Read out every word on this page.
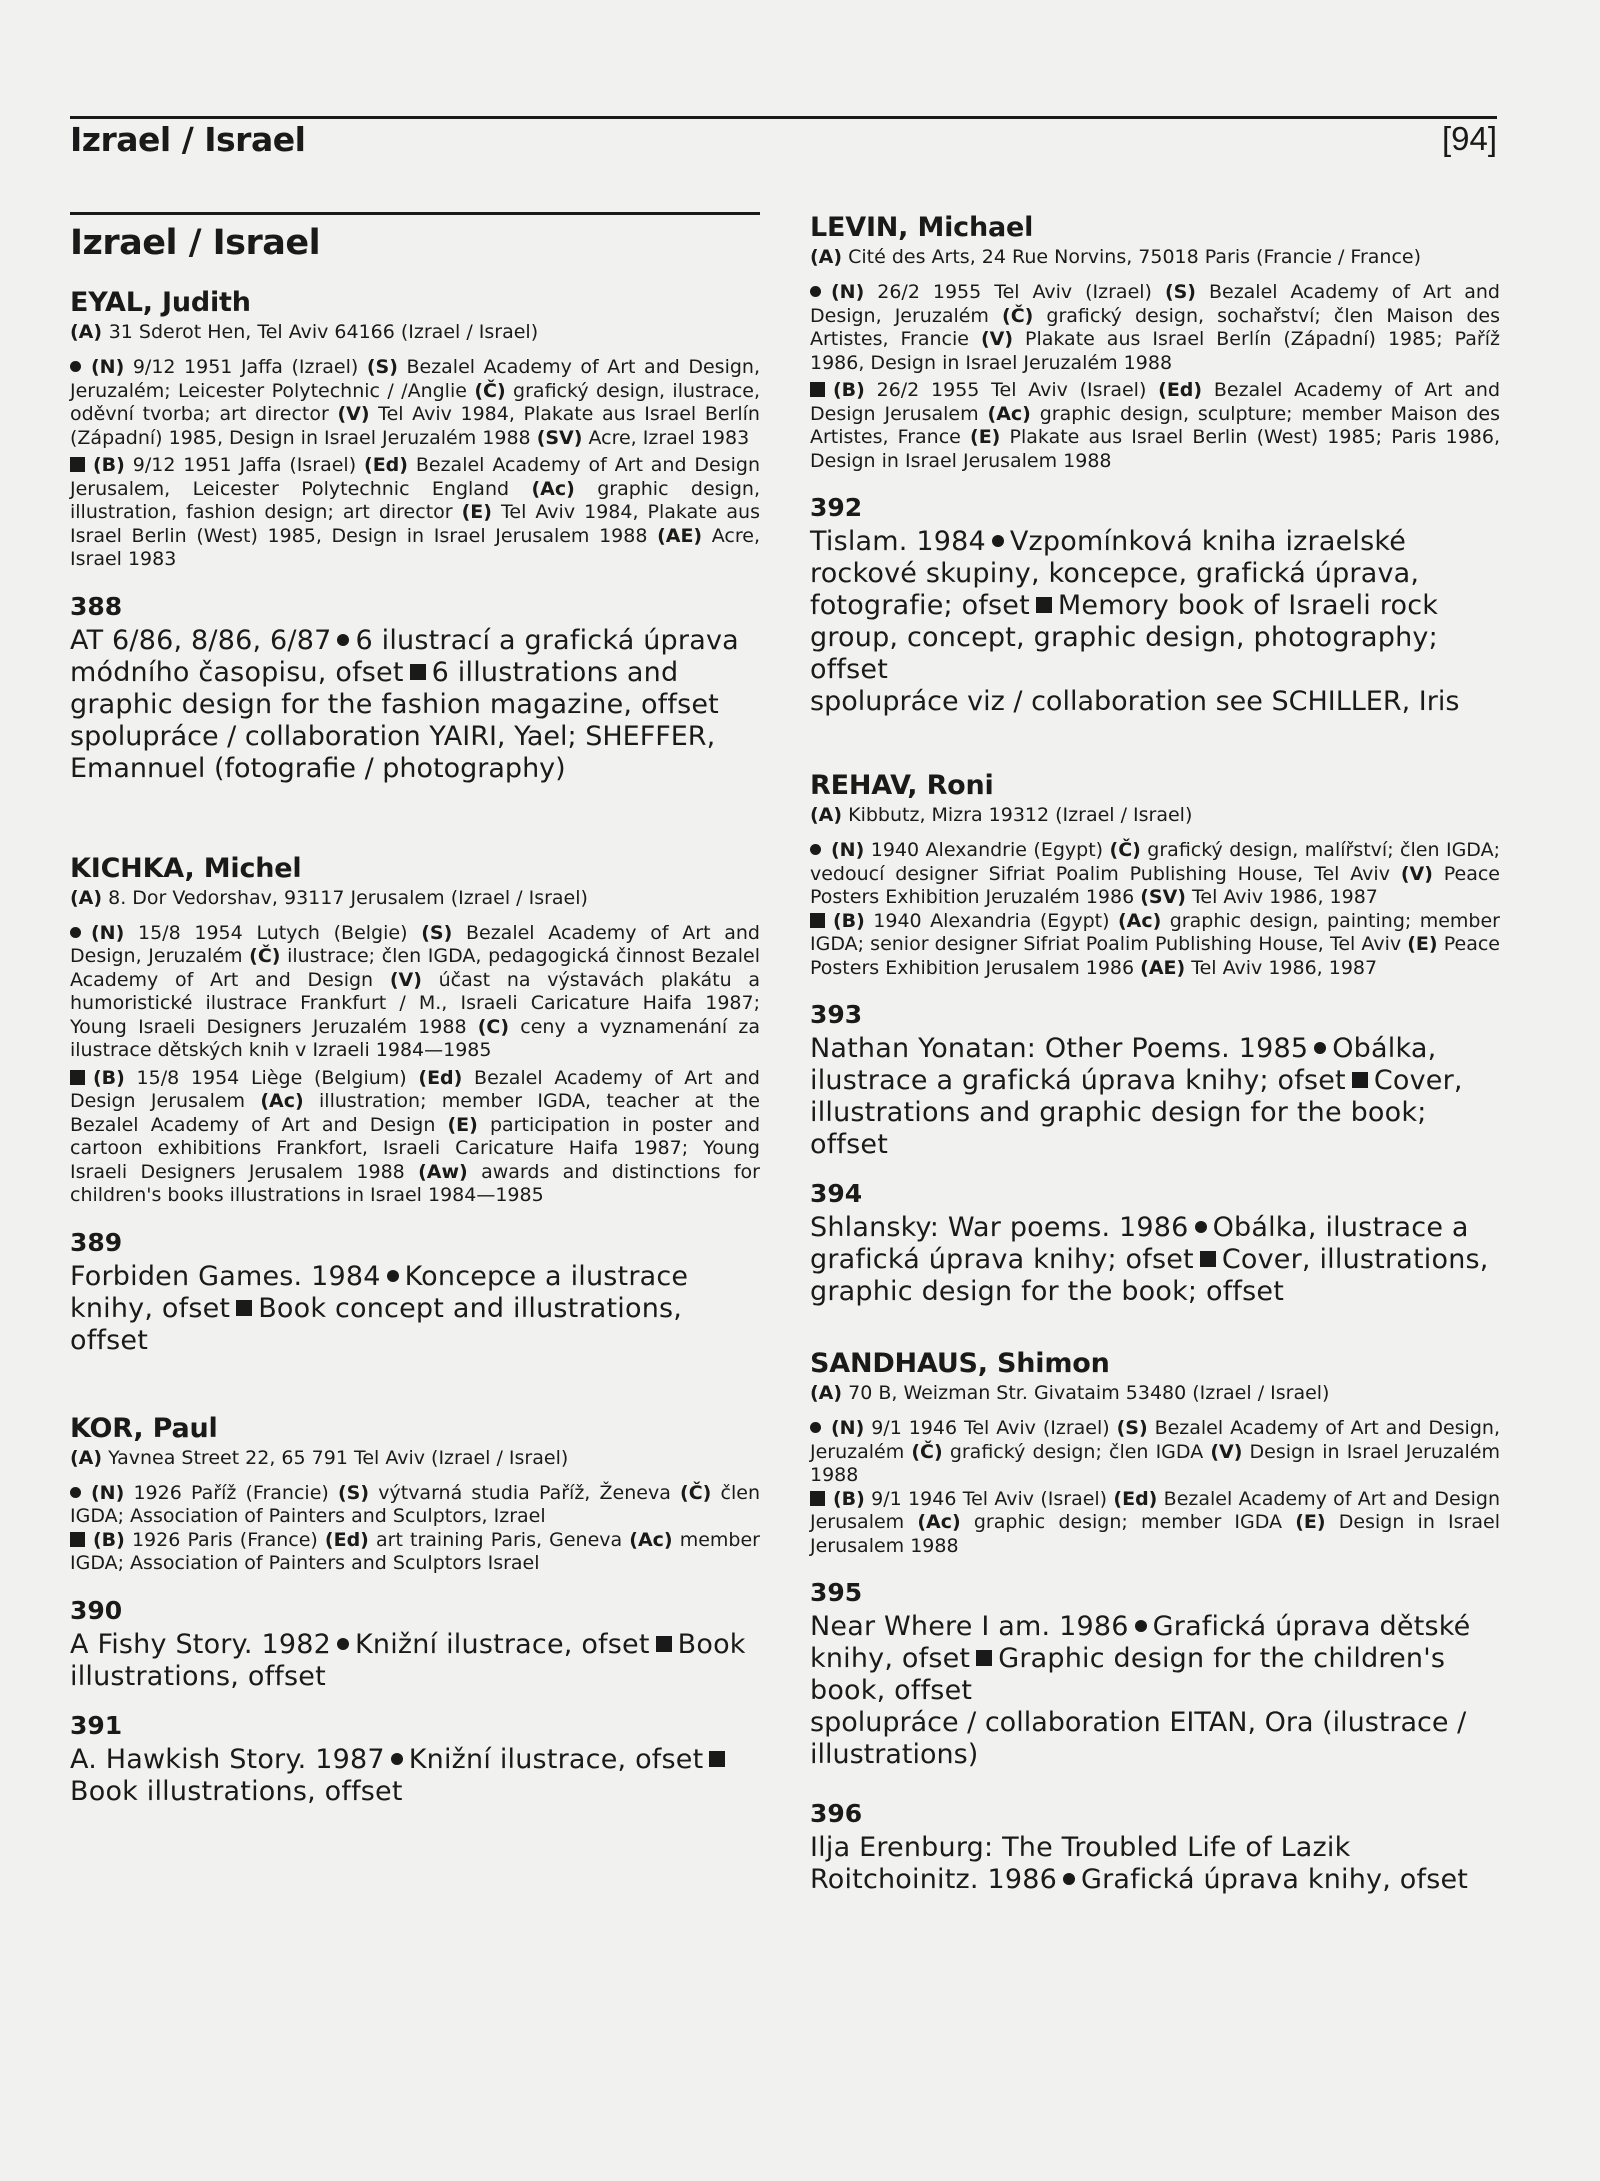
Izrael / Israel	[94]
Izrael / Israel
EYAL, Judith
(A) 31 Sderot Hen, Tel Aviv 64166 (Izrael / Israel)
(N) 9/12 1951 Jaffa (Izrael) (S) Bezalel Academy of Art and Design, Jeruzalém; Leicester Polytechnic / /Anglie (Č) grafický design, ilustrace, oděvní tvorba; art director (V) Tel Aviv 1984, Plakate aus Israel Berlín (Západní) 1985, Design in Israel Jeruzalém 1988 (SV) Acre, Izrael 1983
(B) 9/12 1951 Jaffa (Israel) (Ed) Bezalel Academy of Art and Design Jerusalem, Leicester Polytechnic England (Ac) graphic design, illustration, fashion design; art director (E) Tel Aviv 1984, Plakate aus Israel Berlin (West) 1985, Design in Israel Jerusalem 1988 (AE) Acre, Israel 1983
388

AT 6/86, 8/86, 6/87 6 ilustrací a grafická úprava módního časopisu, ofset 6 illustrations and graphic design for the fashion magazine, offset

spolupráce / collaboration YAIRI, Yael; SHEFFER, Emannuel (fotografie / photography)

KICHKA, Michel
(A) 8. Dor Vedorshav, 93117 Jerusalem (Izrael / Israel)
(N) 15/8 1954 Lutych (Belgie) (S) Bezalel Academy of Art and Design, Jeruzalém (Č) ilustrace; člen IGDA, pedagogická činnost Bezalel Academy of Art and Design (V) účast na výstavách plakátu a humoristické ilustrace Frankfurt / M., Israeli Caricature Haifa 1987; Young Israeli Designers Jeruzalém 1988 (C) ceny a vyznamenání za ilustrace dětských knih v Izraeli 1984—1985
(B) 15/8 1954 Liège (Belgium) (Ed) Bezalel Academy of Art and Design Jerusalem (Ac) illustration; member IGDA, teacher at the Bezalel Academy of Art and Design (E) participation in poster and cartoon exhibitions Frankfort, Israeli Caricature Haifa 1987; Young Israeli Designers Jerusalem 1988 (Aw) awards and distinctions for children's books illustrations in Israel 1984—1985
389

Forbiden Games. 1984 Koncepce a ilustrace knihy, ofset Book concept and illustrations, offset

KOR, Paul
(A) Yavnea Street 22, 65 791 Tel Aviv (Izrael / Israel)
(N) 1926 Paříž (Francie) (S) výtvarná studia Paříž, Ženeva (Č) člen IGDA; Association of Painters and Sculptors, Izrael
(B) 1926 Paris (France) (Ed) art training Paris, Geneva (Ac) member IGDA; Association of Painters and Sculptors Israel
390

A Fishy Story. 1982 Knižní ilustrace, ofset Book illustrations, offset

391

A. Hawkish Story. 1987 Knižní ilustrace, ofsetBook illustrations, offset

LEVIN, Michael
(A) Cité des Arts, 24 Rue Norvins, 75018 Paris (Francie / France)
(N) 26/2 1955 Tel Aviv (Izrael) (S) Bezalel Academy of Art and Design, Jeruzalém (Č) grafický design, sochařství; člen Maison des Artistes, Francie (V) Plakate aus Israel Berlín (Západní) 1985; Paříž 1986, Design in Israel Jeruzalém 1988
(B) 26/2 1955 Tel Aviv (Israel) (Ed) Bezalel Academy of Art and Design Jerusalem (Ac) graphic design, sculpture; member Maison des Artistes, France (E) Plakate aus Israel Berlin (West) 1985; Paris 1986, Design in Israel Jerusalem 1988
392

Tislam. 1984 Vzpomínková kniha izraelské rockové skupiny, koncepce, grafická úprava, fotografie; ofset Memory book of Israeli rock group, concept, graphic design, photography; offset

spolupráce viz / collaboration see SCHILLER, Iris

REHAV, Roni
(A) Kibbutz, Mizra 19312 (Izrael / Israel)
(N) 1940 Alexandrie (Egypt) (Č) grafický design, malířství; člen IGDA; vedoucí designer Sifriat Poalim Publishing House, Tel Aviv (V) Peace Posters Exhibition Jeruzalém 1986 (SV) Tel Aviv 1986, 1987
(B) 1940 Alexandria (Egypt) (Ac) graphic design, painting; member IGDA; senior designer Sifriat Poalim Publishing House, Tel Aviv (E) Peace Posters Exhibition Jerusalem 1986 (AE) Tel Aviv 1986, 1987
393

Nathan Yonatan: Other Poems. 1985 Obálka, ilustrace a grafická úprava knihy; ofset Cover, illustrations and graphic design for the book; offset

394

Shlansky: War poems. 1986 Obálka, ilustrace a grafická úprava knihy; ofset Cover, illustrations, graphic design for the book; offset

SANDHAUS, Shimon
(A) 70 B, Weizman Str. Givataim 53480 (Izrael / Israel)
(N) 9/1 1946 Tel Aviv (Izrael) (S) Bezalel Academy of Art and Design, Jeruzalém (Č) grafický design; člen IGDA (V) Design in Israel Jeruzalém 1988
(B) 9/1 1946 Tel Aviv (Israel) (Ed) Bezalel Academy of Art and Design Jerusalem (Ac) graphic design; member IGDA (E) Design in Israel Jerusalem 1988
395

Near Where I am. 1986 Grafická úprava dětské knihy, ofset Graphic design for the children's book, offset

spolupráce / collaboration EITAN, Ora (ilustrace / illustrations)

396

Ilja Erenburg: The Troubled Life of Lazik Roitchoinitz. 1986 Grafická úprava knihy, ofset
